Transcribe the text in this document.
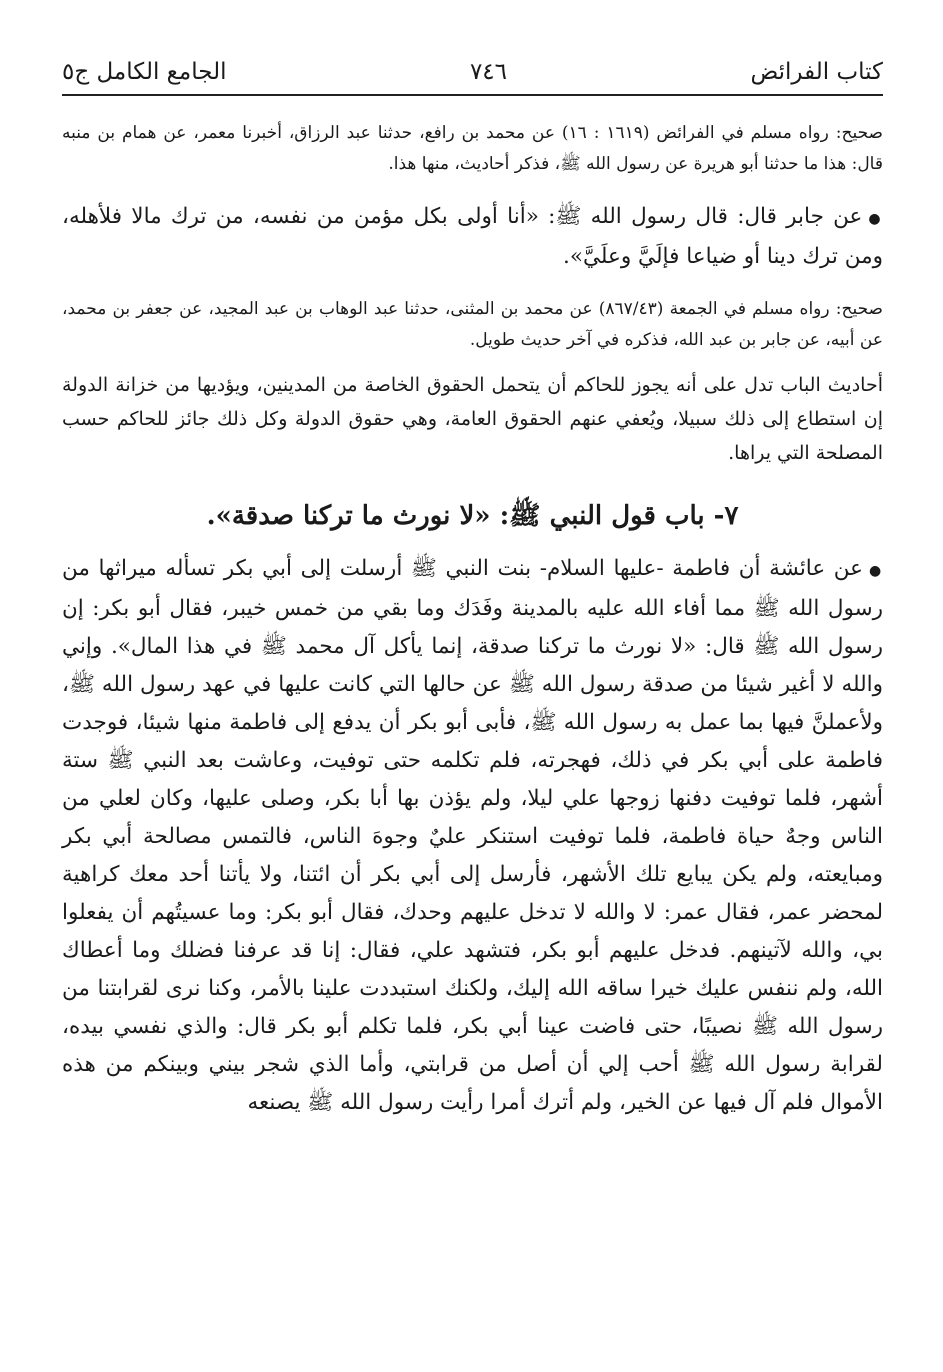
كتاب الفرائض
٧٤٦
الجامع الكامل ج٥

صحيح: رواه مسلم في الفرائض (١٦١٩ : ١٦) عن محمد بن رافع، حدثنا عبد الرزاق، أخبرنا معمر، عن همام بن منبه قال: هذا ما حدثنا أبو هريرة عن رسول الله ﷺ، فذكر أحاديث، منها هذا.

●عن جابر قال: قال رسول الله ﷺ: «أنا أولى بكل مؤمن من نفسه، من ترك مالا فلأهله، ومن ترك دينا أو ضياعا فإلَيَّ وعلَيَّ».

صحيح: رواه مسلم في الجمعة (٨٦٧/٤٣) عن محمد بن المثنى، حدثنا عبد الوهاب بن عبد المجيد، عن جعفر بن محمد، عن أبيه، عن جابر بن عبد الله، فذكره في آخر حديث طويل.

أحاديث الباب تدل على أنه يجوز للحاكم أن يتحمل الحقوق الخاصة من المدينين، ويؤديها من خزانة الدولة إن استطاع إلى ذلك سبيلا، ويُعفي عنهم الحقوق العامة، وهي حقوق الدولة وكل ذلك جائز للحاكم حسب المصلحة التي يراها.

٧- باب قول النبي ﷺ: «لا نورث ما تركنا صدقة».

●عن عائشة أن فاطمة -عليها السلام- بنت النبي ﷺ أرسلت إلى أبي بكر تسأله ميراثها من رسول الله ﷺ مما أفاء الله عليه بالمدينة وفَدَك وما بقي من خمس خيبر، فقال أبو بكر: إن رسول الله ﷺ قال: «لا نورث ما تركنا صدقة، إنما يأكل آل محمد ﷺ في هذا المال». وإني والله لا أغير شيئا من صدقة رسول الله ﷺ عن حالها التي كانت عليها في عهد رسول الله ﷺ، ولأعملنَّ فيها بما عمل به رسول الله ﷺ، فأبى أبو بكر أن يدفع إلى فاطمة منها شيئا، فوجدت فاطمة على أبي بكر في ذلك، فهجرته، فلم تكلمه حتى توفيت، وعاشت بعد النبي ﷺ ستة أشهر، فلما توفيت دفنها زوجها علي ليلا، ولم يؤذن بها أبا بكر، وصلى عليها، وكان لعلي من الناس وجهٌ حياة فاطمة، فلما توفيت استنكر عليٌ وجوهَ الناس، فالتمس مصالحة أبي بكر ومبايعته، ولم يكن يبايع تلك الأشهر، فأرسل إلى أبي بكر أن ائتنا، ولا يأتنا أحد معك كراهية لمحضر عمر، فقال عمر: لا والله لا تدخل عليهم وحدك، فقال أبو بكر: وما عسيتُهم أن يفعلوا بي، والله لآتينهم. فدخل عليهم أبو بكر، فتشهد علي، فقال: إنا قد عرفنا فضلك وما أعطاك الله، ولم ننفس عليك خيرا ساقه الله إليك، ولكنك استبددت علينا بالأمر، وكنا نرى لقرابتنا من رسول الله ﷺ نصيبًا، حتى فاضت عينا أبي بكر، فلما تكلم أبو بكر قال: والذي نفسي بيده، لقرابة رسول الله ﷺ أحب إلي أن أصل من قرابتي، وأما الذي شجر بيني وبينكم من هذه الأموال فلم آل فيها عن الخير، ولم أترك أمرا رأيت رسول الله ﷺ يصنعه
